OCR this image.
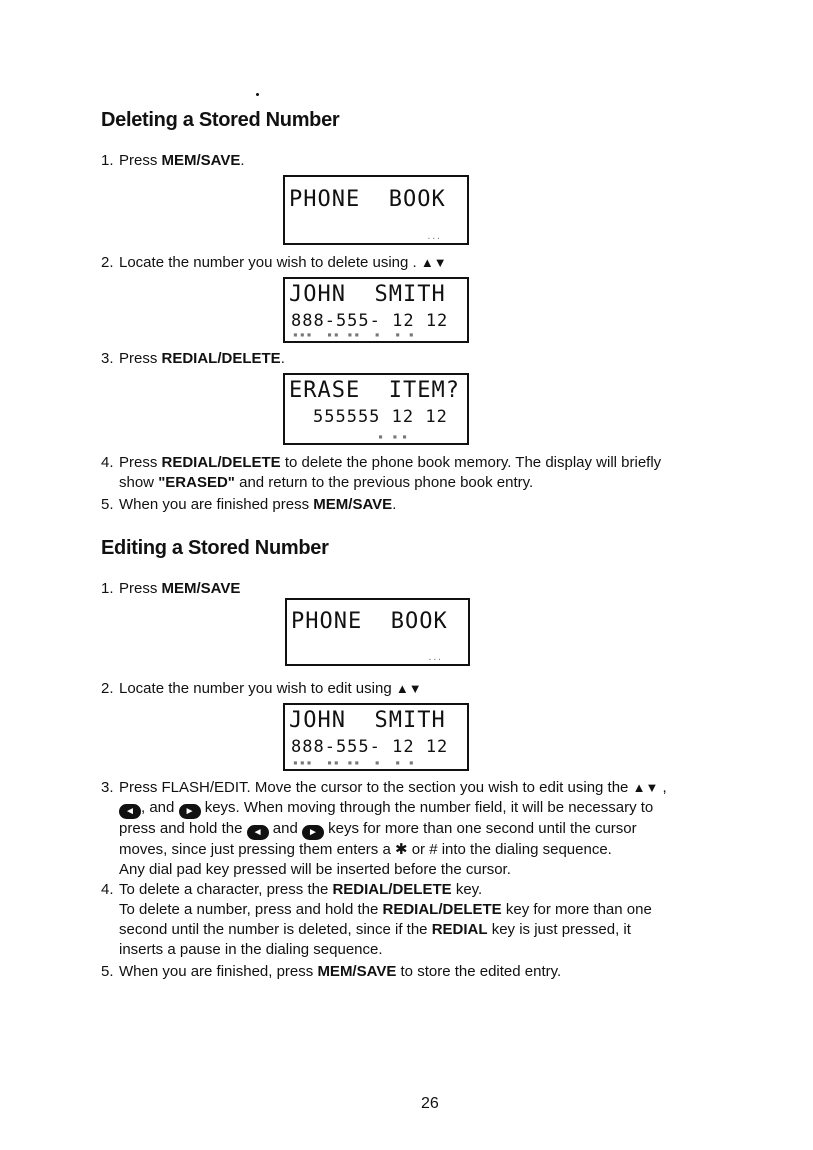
Deleting a Stored Number
1. Press MEM/SAVE.
PHONE  BOOK
...
2. Locate the number you wish to delete using . ▲▼
JOHN  SMITH
888-555- 12 12
▪▪▪  ▪▪ ▪▪  ▪  ▪ ▪
3. Press REDIAL/DELETE.
ERASE  ITEM?
555555 12 12
▪  ▪ ▪
4. Press REDIAL/DELETE to delete the phone book memory. The display will briefly
show "ERASED" and return to the previous phone book entry.
5. When you are finished press MEM/SAVE.
Editing a Stored Number
1. Press MEM/SAVE
PHONE  BOOK
...
2. Locate the number you wish to edit using ▲▼
JOHN  SMITH
888-555- 12 12
▪▪▪  ▪▪ ▪▪  ▪  ▪ ▪
3. Press FLASH/EDIT. Move the cursor to the section you wish to edit using the ▲▼ ,
◄ , and ► keys. When moving through the number field, it will be necessary to
press and hold the ◄ and ► keys for more than one second until the cursor
moves, since just pressing them enters a ✱ or # into the dialing sequence.
Any dial pad key pressed will be inserted before the cursor.
4. To delete a character, press the REDIAL/DELETE key.
To delete a number, press and hold the REDIAL/DELETE key for more than one
second until the number is deleted, since if the REDIAL key is just pressed, it
inserts a pause in the dialing sequence.
5. When you are finished, press MEM/SAVE to store the edited entry.
26
